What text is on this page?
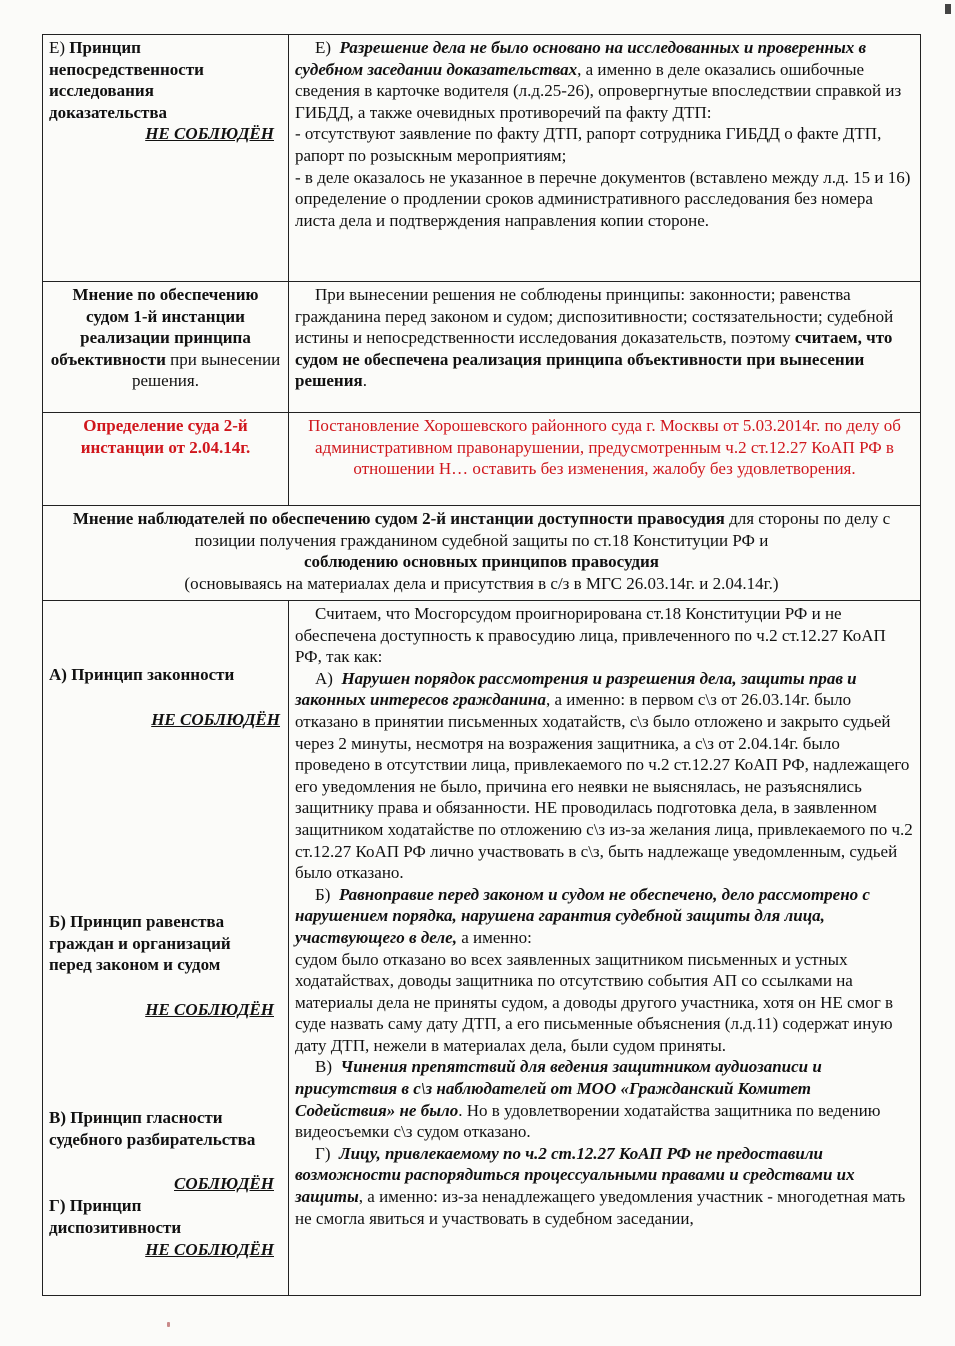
Е) Принцип непосредственности исследования доказательства

НЕ СОБЛЮДЁН

Е) Разрешение дела не было основано на исследованных и проверенных в судебном заседании доказательствах, а именно в деле оказались ошибочные сведения в карточке водителя (л.д.25-26), опровергнутые впоследствии справкой из ГИБДД, а также очевидных противоречий па факту ДТП:

- отсутствуют заявление по факту ДТП, рапорт сотрудника ГИБДД о факте ДТП, рапорт по розыскным мероприятиям;

- в деле оказалось не указанное в перечне документов (вставлено между л.д. 15 и 16) определение о продлении сроков административного расследования без номера листа дела и подтверждения направления копии стороне.

Мнение по обеспечению судом 1-й инстанции реализации принципа объективности при вынесении решения.

При вынесении решения не соблюдены принципы: законности; равенства гражданина перед законом и судом; диспозитивности; состязательности; судебной истины и непосредственности исследования доказательств, поэтому считаем, что судом не обеспечена реализация принципа объективности при вынесении решения.

Определение суда 2-й инстанции от 2.04.14г.
Постановление Хорошевского районного суда г. Москвы от 5.03.2014г. по делу об административном правонарушении, предусмотренным ч.2 ст.12.27 КоАП РФ в отношении Н… оставить без изменения, жалобу без удовлетворения.

Мнение наблюдателей по обеспечению судом 2-й инстанции доступности правосудия для стороны по делу с позиции получения гражданином судебной защиты по ст.18 Конституции РФ и

соблюдению основных принципов правосудия

(основываясь на материалах дела и присутствия в с/з в МГС 26.03.14г. и 2.04.14г.)

А) Принцип законности

НЕ СОБЛЮДЁН

Б) Принцип равенства граждан и организаций перед законом и судом

НЕ СОБЛЮДЁН

В) Принцип гласности судебного разбирательства

СОБЛЮДЁН

Г) Принцип диспозитивности

НЕ СОБЛЮДЁН

Считаем, что Мосгорсудом проигнорирована ст.18 Конституции РФ и не обеспечена доступность к правосудию лица, привлеченного по ч.2 ст.12.27 КоАП РФ, так как:

А) Нарушен порядок рассмотрения и разрешения дела, защиты прав и законных интересов гражданина, а именно: в первом с\з от 26.03.14г. было отказано в принятии письменных ходатайств, с\з было отложено и закрыто судьей через 2 минуты, несмотря на возражения защитника, а с\з от 2.04.14г. было проведено в отсутствии лица, привлекаемого по ч.2 ст.12.27 КоАП РФ, надлежащего его уведомления не было, причина его неявки не выяснялась, не разъяснялись защитнику права и обязанности. НЕ проводилась подготовка дела, в заявленном защитником ходатайстве по отложению с\з из-за желания лица, привлекаемого по ч.2 ст.12.27 КоАП РФ лично участвовать в с\з, быть надлежаще уведомленным, судьей было отказано.

Б) Равноправие перед законом и судом не обеспечено, дело рассмотрено с нарушением порядка, нарушена гарантия судебной защиты для лица, участвующего в деле, а именно:

судом было отказано во всех заявленных защитником письменных и устных ходатайствах, доводы защитника по отсутствию события АП со ссылками на материалы дела не приняты судом, а доводы другого участника, хотя он НЕ смог в суде назвать саму дату ДТП, а его письменные объяснения (л.д.11) содержат иную дату ДТП, нежели в материалах дела, были судом приняты.

В) Чинения препятствий для ведения защитником аудиозаписи и присутствия в с\з наблюдателей от МОО «Гражданский Комитет Содействия» не было. Но в удовлетворении ходатайства защитника по ведению видеосъемки с\з судом отказано.

Г) Лицу, привлекаемому по ч.2 ст.12.27 КоАП РФ не предоставили возможности распорядиться процессуальными правами и средствами их защиты, а именно: из-за ненадлежащего уведомления участник - многодетная мать не смогла явиться и участвовать в судебном заседании,
